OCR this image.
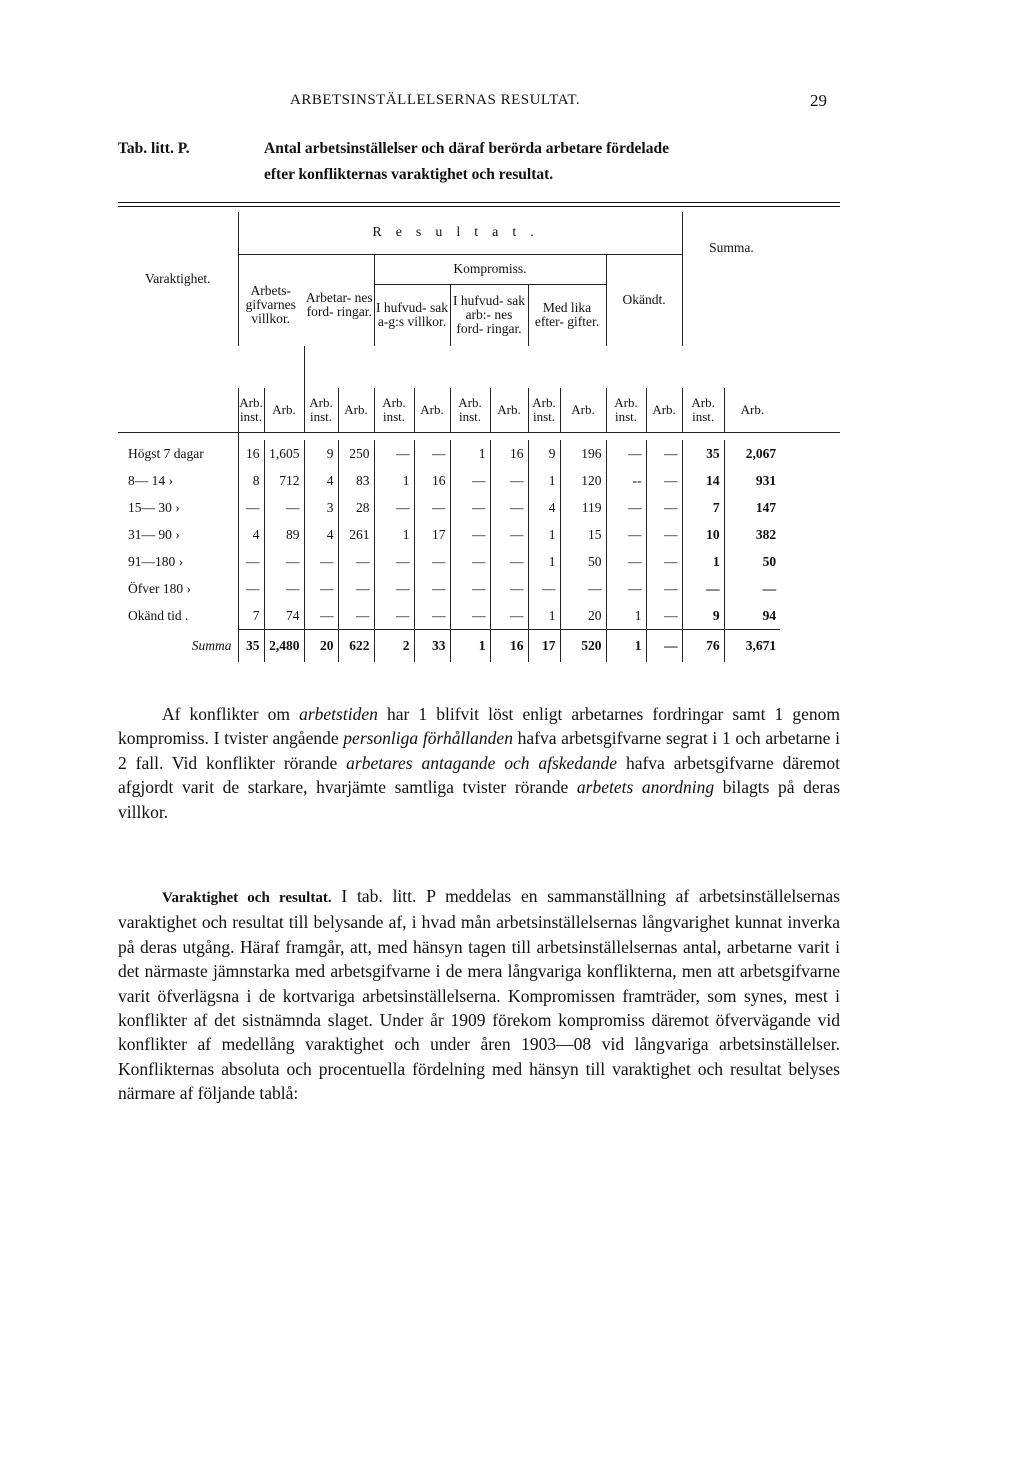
ARBETSINSTÄLLELSERNAS RESULTAT.	29
Tab. litt. P.	Antal arbetsinställelser och däraf berörda arbetare fördelade
efter konflikternas varaktighet och resultat.
Varaktighet.	Resultat.												Summa.	
					Kompromiss.						Okändt.			
					I hufvud- sak a-g:s villkor.		I hufvud- sak arb:- nes ford- ringar.		Med lika efter- gifter.					
	Arbets- gifvarnes villkor.		Arbetar- nes ford- ringar.											
	Arb. inst.	Arb.	Arb. inst.	Arb.	Arb. inst.	Arb.	Arb. inst.	Arb.	Arb. inst.	Arb.	Arb. inst.	Arb.	Arb. inst.	Arb.

Högst 7 dagar	16	1,605	9	250	—	—	1	16	9	196	—	—	35	2,067
8— 14 ›	8	712	4	83	1	16	—	—	1	120	--	—	14	931
15— 30 ›	—	—	3	28	—	—	—	—	4	119	—	—	7	147
31— 90 ›	4	89	4	261	1	17	—	—	1	15	—	—	10	382
91—180 ›	—	—	—	—	—	—	—	—	1	50	—	—	1	50
Öfver 180 ›	—	—	—	—	—	—	—	—	—	—	—	—	—	—
Okänd tid .	7	74	—	—	—	—	—	—	1	20	1	—	9	94
Summa	35	2,480	20	622	2	33	1	16	17	520	1	—	76	3,671
Af konflikter om arbetstiden har 1 blifvit löst enligt arbetarnes fordringar samt 1 genom kompromiss. I tvister angående personliga förhållanden hafva arbetsgifvarne segrat i 1 och arbetarne i 2 fall. Vid konflikter rörande arbetares antagande och afskedande hafva arbetsgifvarne däremot afgjordt varit de starkare, hvarjämte samtliga tvister rörande arbetets anordning bilagts på deras villkor.
Varaktighet och resultat. I tab. litt. P meddelas en sammanställning af arbetsinställelsernas varaktighet och resultat till belysande af, i hvad mån arbetsinställelsernas långvarighet kunnat inverka på deras utgång. Häraf framgår, att, med hänsyn tagen till arbetsinställelsernas antal, arbetarne varit i det närmaste jämnstarka med arbetsgifvarne i de mera långvariga konflikterna, men att arbetsgifvarne varit öfverlägsna i de kortvariga arbetsinställelserna. Kompromissen framträder, som synes, mest i konflikter af det sistnämnda slaget. Under år 1909 förekom kompromiss däremot öfvervägande vid konflikter af medellång varaktighet och under åren 1903—08 vid långvariga arbetsinställelser. Konflikternas absoluta och procentuella fördelning med hänsyn till varaktighet och resultat belyses närmare af följande tablå:
